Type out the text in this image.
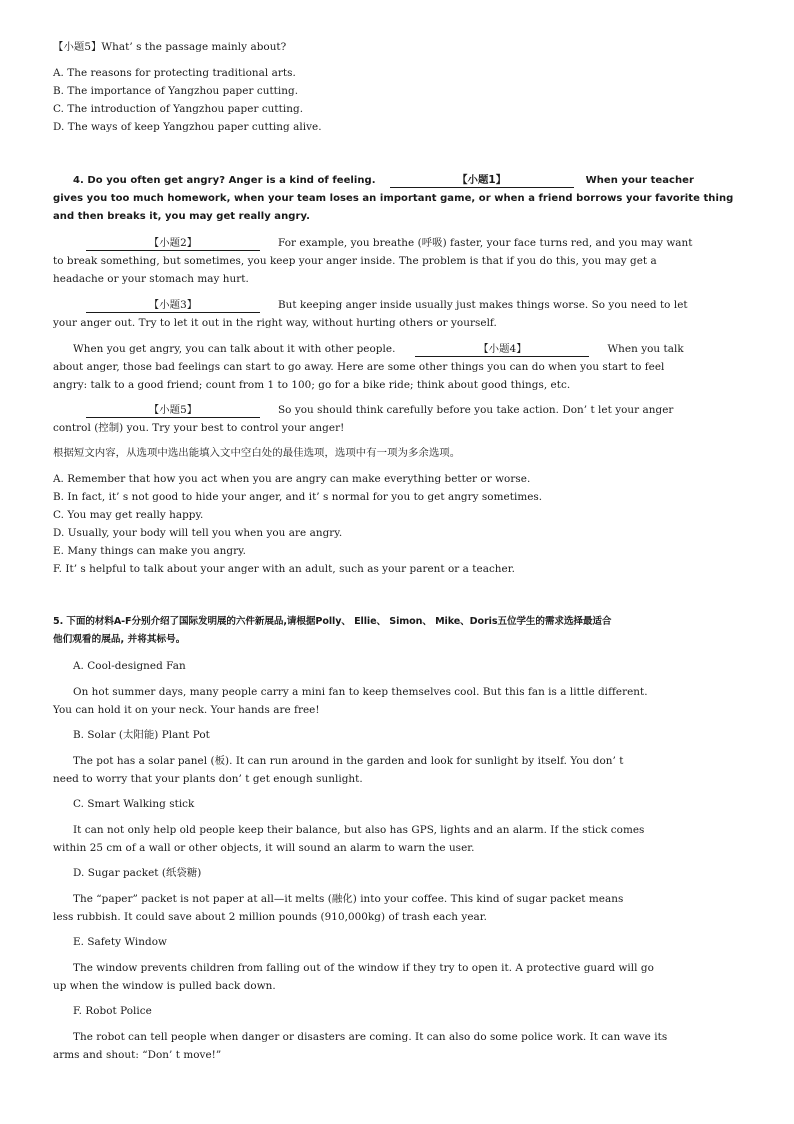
【小题5】What’ s the passage mainly about?
A. The reasons for protecting traditional arts.
B. The importance of Yangzhou paper cutting.
C. The introduction of Yangzhou paper cutting.
D. The ways of keep Yangzhou paper cutting alive.
4. Do you often get angry? Anger is a kind of feeling.	【小题1】	When your teacher
gives you too much homework, when your team loses an important game, or when a friend borrows your favorite thing
and then breaks it, you may get really angry.
【小题2】	For example, you breathe (呼吸) faster, your face turns red, and you may want
to break something, but sometimes, you keep your anger inside. The problem is that if you do this, you may get a
headache or your stomach may hurt.
【小题3】	But keeping anger inside usually just makes things worse. So you need to let
your anger out. Try to let it out in the right way, without hurting others or yourself.
When you get angry, you can talk about it with other people.	【小题4】	When you talk
about anger, those bad feelings can start to go away. Here are some other things you can do when you start to feel
angry: talk to a good friend; count from 1 to 100; go for a bike ride; think about good things, etc.
【小题5】	So you should think carefully before you take action. Don’ t let your anger
control (控制) you. Try your best to control your anger!
根据短文内容，从选项中选出能填入文中空白处的最佳选项，选项中有一项为多余选项。
A. Remember that how you act when you are angry can make everything better or worse.
B. In fact, it’ s not good to hide your anger, and it’ s normal for you to get angry sometimes.
C. You may get really happy.
D. Usually, your body will tell you when you are angry.
E. Many things can make you angry.
F. It’ s helpful to talk about your anger with an adult, such as your parent or a teacher.
5. 下面的材料A-F分别介绍了国际发明展的六件新展品,请根据Polly、 Ellie、 Simon、 Mike、Doris五位学生的需求选择最适合
他们观看的展品, 并将其标号。
A. Cool-designed Fan
On hot summer days, many people carry a mini fan to keep themselves cool. But this fan is a little different.
You can hold it on your neck. Your hands are free!
B. Solar (太阳能) Plant Pot
The pot has a solar panel (板). It can run around in the garden and look for sunlight by itself. You don’ t
need to worry that your plants don’ t get enough sunlight.
C. Smart Walking stick
It can not only help old people keep their balance, but also has GPS, lights and an alarm. If the stick comes
within 25 cm of a wall or other objects, it will sound an alarm to warn the user.
D. Sugar packet (纸袋糖)
The “paper” packet is not paper at all—it melts (融化) into your coffee. This kind of sugar packet means
less rubbish. It could save about 2 million pounds (910,000kg) of trash each year.
E. Safety Window
The window prevents children from falling out of the window if they try to open it. A protective guard will go
up when the window is pulled back down.
F. Robot Police
The robot can tell people when danger or disasters are coming. It can also do some police work. It can wave its
arms and shout: “Don’ t move!”
